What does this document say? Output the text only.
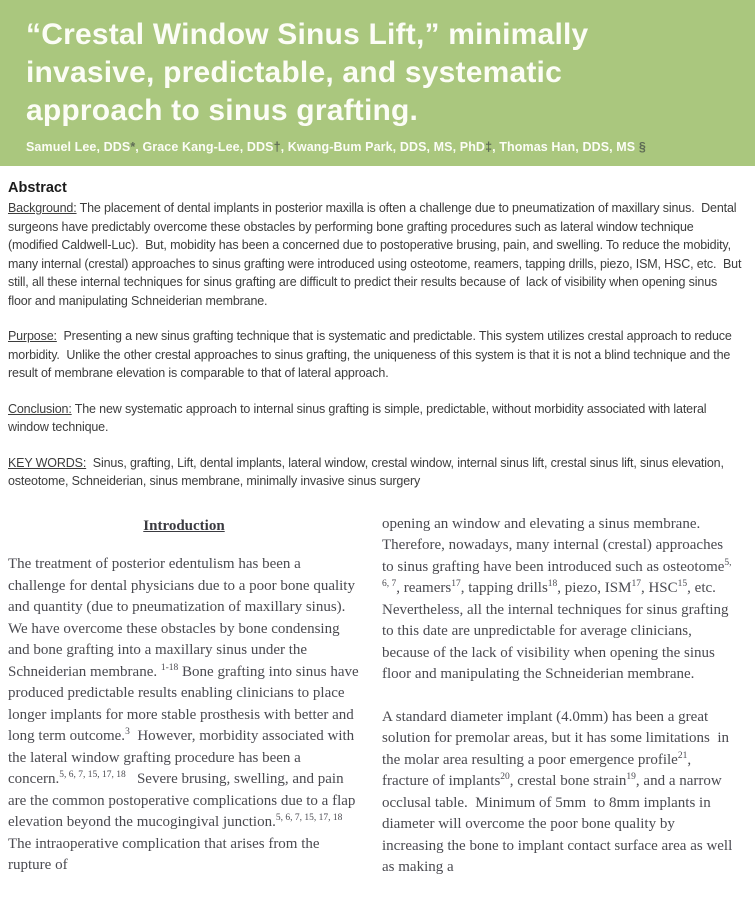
“Crestal Window Sinus Lift,” minimally
invasive, predictable, and systematic
approach to sinus grafting.
Samuel Lee, DDS*, Grace Kang-Lee, DDS†, Kwang-Bum Park, DDS, MS, PhD‡, Thomas Han, DDS, MS §
Abstract

Background: The placement of dental implants in posterior maxilla is often a challenge due to pneumatization of maxillary sinus.  Dental surgeons have predictably overcome these obstacles by performing bone grafting procedures such as lateral window technique (modified Caldwell-Luc).  But, mobidity has been a concerned due to postoperative brusing, pain, and swelling. To reduce the mobidity,  many internal (crestal) approaches to sinus grafting were introduced using osteotome, reamers, tapping drills, piezo, ISM, HSC, etc.  But still, all these internal techniques for sinus grafting are difficult to predict their results because of  lack of visibility when opening sinus floor and manipulating Schneiderian membrane.

Purpose:  Presenting a new sinus grafting technique that is systematic and predictable. This system utilizes crestal approach to reduce morbidity.  Unlike the other crestal approaches to sinus grafting, the uniqueness of this system is that it is not a blind technique and the result of membrane elevation is comparable to that of lateral approach.

Conclusion: The new systematic approach to internal sinus grafting is simple, predictable, without morbidity associated with lateral window technique.

KEY WORDS:  Sinus, grafting, Lift, dental implants, lateral window, crestal window, internal sinus lift, crestal sinus lift, sinus elevation, osteotome, Schneiderian, sinus membrane, minimally invasive sinus surgery

Introduction

The treatment of posterior edentulism has been a challenge for dental physicians due to a poor bone quality and quantity (due to pneumatization of maxillary sinus).  We have overcome these obstacles by bone condensing and bone grafting into a maxillary sinus under the Schneiderian membrane. $^{1-18}$ Bone grafting into sinus have produced predictable results enabling clinicians to place longer implants for more stable prosthesis with better and long term outcome.$^3$  However, morbidity associated with the lateral window grafting procedure has been a concern.$^{5, 6, 7, 15, 17, 18}$   Severe brusing, swelling, and pain are the common postoperative complications due to a flap elevation beyond the mucogingival junction.$^{5, 6, 7, 15, 17, 18}$  The intraoperative complication that arises from the rupture of

opening an window and elevating a sinus membrane. Therefore, nowadays, many internal (crestal) approaches to sinus grafting have been introduced such as osteotome$^{5, 6, 7}$, reamers$^{17}$, tapping drills$^{18}$, piezo, ISM$^{17}$, HSC$^{15}$, etc. Nevertheless, all the internal techniques for sinus grafting to this date are unpredictable for average clinicians, because of the lack of visibility when opening the sinus floor and manipulating the Schneiderian membrane.

A standard diameter implant (4.0mm) has been a great solution for premolar areas, but it has some limitations  in the molar area resulting a poor emergence profile$^{21}$, fracture of implants$^{20}$, crestal bone strain$^{19}$, and a narrow occlusal table.  Minimum of 5mm  to 8mm implants in diameter will overcome the poor bone quality by increasing the bone to implant contact surface area as well as making a
